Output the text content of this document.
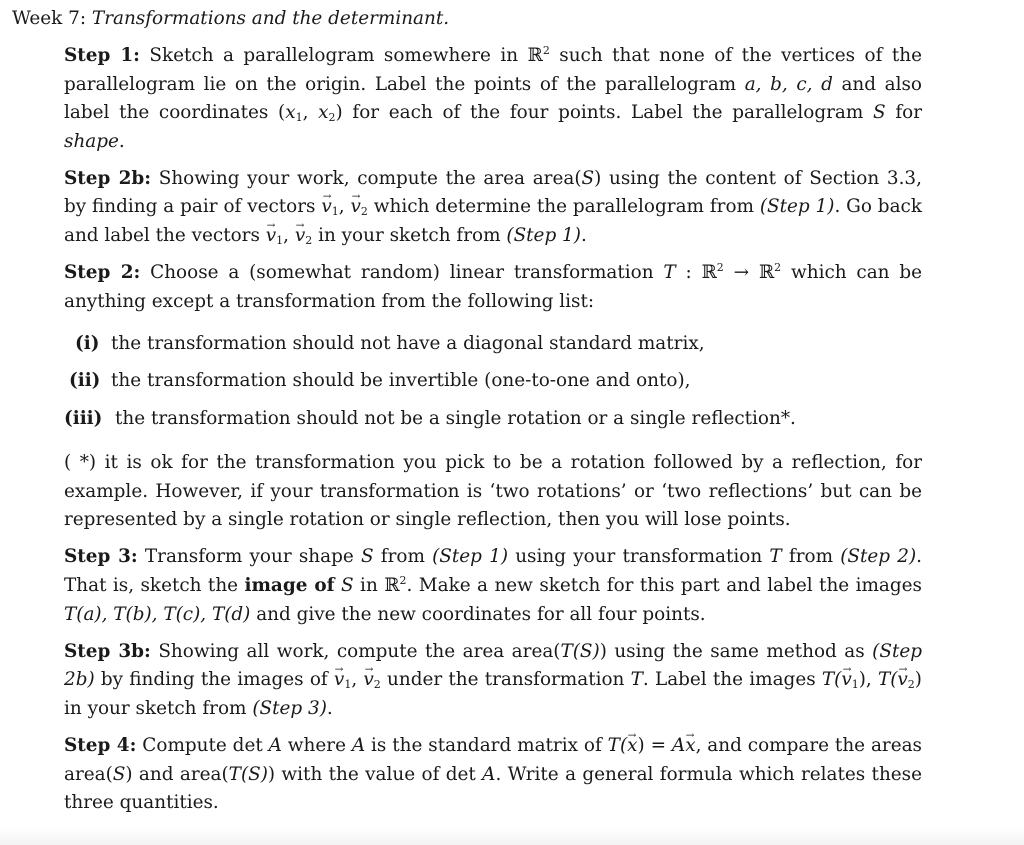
Week 7: Transformations and the determinant.

Step 1: Sketch a parallelogram somewhere in ℝ$^2$ such that none of the vertices of the parallelogram lie on the origin. Label the points of the parallelogram a, b, c, d and also label the coordinates ($x_1$, $x_2$) for each of the four points. Label the parallelogram S for shape.

Step 2b: Showing your work, compute the area area(S) using the content of Section 3.3, by finding a pair of vectors → $v_1$, → $v_2$ which determine the parallelogram from (Step 1). Go back and label the vectors → $v_1$, → $v_2$ in your sketch from (Step 1).

Step 2: Choose a (somewhat random) linear transformation T : ℝ$^2$ → ℝ$^2$ which can be anything except a transformation from the following list:

(i) the transformation should not have a diagonal standard matrix,
(ii) the transformation should be invertible (one-to-one and onto),
(iii) the transformation should not be a single rotation or a single reflection*.

( *) it is ok for the transformation you pick to be a rotation followed by a reflection, for example. However, if your transformation is ‘two rotations’ or ‘two reflections’ but can be represented by a single rotation or single reflection, then you will lose points.

Step 3: Transform your shape S from (Step 1) using your transformation T from (Step 2). That is, sketch the image of S in ℝ$^2$. Make a new sketch for this part and label the images T(a), T(b), T(c), T(d) and give the new coordinates for all four points.

Step 3b: Showing all work, compute the area area(T(S)) using the same method as (Step 2b) by finding the images of → $v_1$, → $v_2$ under the transformation T. Label the images $T(\to v_1)$, $T(\to v_2)$ in your sketch from (Step 3).

Step 4: Compute det A where A is the standard matrix of T(→ x) = A→ x, and compare the areas area(S) and area(T(S)) with the value of det A. Write a general formula which relates these three quantities.
